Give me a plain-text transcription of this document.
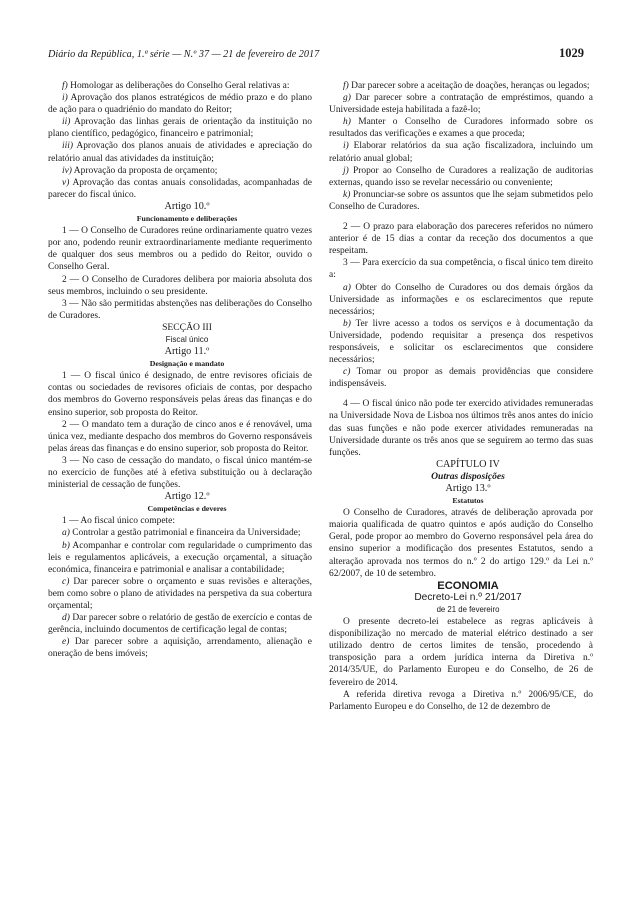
Diário da República, 1.ª série — N.º 37 — 21 de fevereiro de 2017	1029

f) Homologar as deliberações do Conselho Geral relativas a:

i) Aprovação dos planos estratégicos de médio prazo e do plano de ação para o quadriénio do mandato do Reitor;

ii) Aprovação das linhas gerais de orientação da instituição no plano científico, pedagógico, financeiro e patrimonial;

iii) Aprovação dos planos anuais de atividades e apreciação do relatório anual das atividades da instituição;

iv) Aprovação da proposta de orçamento;

v) Aprovação das contas anuais consolidadas, acompanhadas de parecer do fiscal único.

Artigo 10.º

Funcionamento e deliberações

1 — O Conselho de Curadores reúne ordinariamente quatro vezes por ano, podendo reunir extraordinariamente mediante requerimento de qualquer dos seus membros ou a pedido do Reitor, ouvido o Conselho Geral.

2 — O Conselho de Curadores delibera por maioria absoluta dos seus membros, incluindo o seu presidente.

3 — Não são permitidas abstenções nas deliberações do Conselho de Curadores.

SECÇÃO III

Fiscal único

Artigo 11.º

Designação e mandato

1 — O fiscal único é designado, de entre revisores oficiais de contas ou sociedades de revisores oficiais de contas, por despacho dos membros do Governo responsáveis pelas áreas das finanças e do ensino superior, sob proposta do Reitor.

2 — O mandato tem a duração de cinco anos e é renovável, uma única vez, mediante despacho dos membros do Governo responsáveis pelas áreas das finanças e do ensino superior, sob proposta do Reitor.

3 — No caso de cessação do mandato, o fiscal único mantém-se no exercício de funções até à efetiva substituição ou à declaração ministerial de cessação de funções.

Artigo 12.º

Competências e deveres

1 — Ao fiscal único compete:

a) Controlar a gestão patrimonial e financeira da Universidade;

b) Acompanhar e controlar com regularidade o cumprimento das leis e regulamentos aplicáveis, a execução orçamental, a situação económica, financeira e patrimonial e analisar a contabilidade;

c) Dar parecer sobre o orçamento e suas revisões e alterações, bem como sobre o plano de atividades na perspetiva da sua cobertura orçamental;

d) Dar parecer sobre o relatório de gestão de exercício e contas de gerência, incluindo documentos de certificação legal de contas;

e) Dar parecer sobre a aquisição, arrendamento, alienação e oneração de bens imóveis;

f) Dar parecer sobre a aceitação de doações, heranças ou legados;

g) Dar parecer sobre a contratação de empréstimos, quando a Universidade esteja habilitada a fazê-lo;

h) Manter o Conselho de Curadores informado sobre os resultados das verificações e exames a que proceda;

i) Elaborar relatórios da sua ação fiscalizadora, incluindo um relatório anual global;

j) Propor ao Conselho de Curadores a realização de auditorias externas, quando isso se revelar necessário ou conveniente;

k) Pronunciar-se sobre os assuntos que lhe sejam submetidos pelo Conselho de Curadores.

2 — O prazo para elaboração dos pareceres referidos no número anterior é de 15 dias a contar da receção dos documentos a que respeitam.

3 — Para exercício da sua competência, o fiscal único tem direito a:

a) Obter do Conselho de Curadores ou dos demais órgãos da Universidade as informações e os esclarecimentos que repute necessários;

b) Ter livre acesso a todos os serviços e à documentação da Universidade, podendo requisitar a presença dos respetivos responsáveis, e solicitar os esclarecimentos que considere necessários;

c) Tomar ou propor as demais providências que considere indispensáveis.

4 — O fiscal único não pode ter exercido atividades remuneradas na Universidade Nova de Lisboa nos últimos três anos antes do início das suas funções e não pode exercer atividades remuneradas na Universidade durante os três anos que se seguirem ao termo das suas funções.

CAPÍTULO IV

Outras disposições

Artigo 13.º

Estatutos

O Conselho de Curadores, através de deliberação aprovada por maioria qualificada de quatro quintos e após audição do Conselho Geral, pode propor ao membro do Governo responsável pela área do ensino superior a modificação dos presentes Estatutos, sendo a alteração aprovada nos termos do n.º 2 do artigo 129.º da Lei n.º 62/2007, de 10 de setembro.

ECONOMIA

Decreto-Lei n.º 21/2017

de 21 de fevereiro

O presente decreto-lei estabelece as regras aplicáveis à disponibilização no mercado de material elétrico destinado a ser utilizado dentro de certos limites de tensão, procedendo à transposição para a ordem jurídica interna da Diretiva n.º 2014/35/UE, do Parlamento Europeu e do Conselho, de 26 de fevereiro de 2014.

A referida diretiva revoga a Diretiva n.º 2006/95/CE, do Parlamento Europeu e do Conselho, de 12 de dezembro de
